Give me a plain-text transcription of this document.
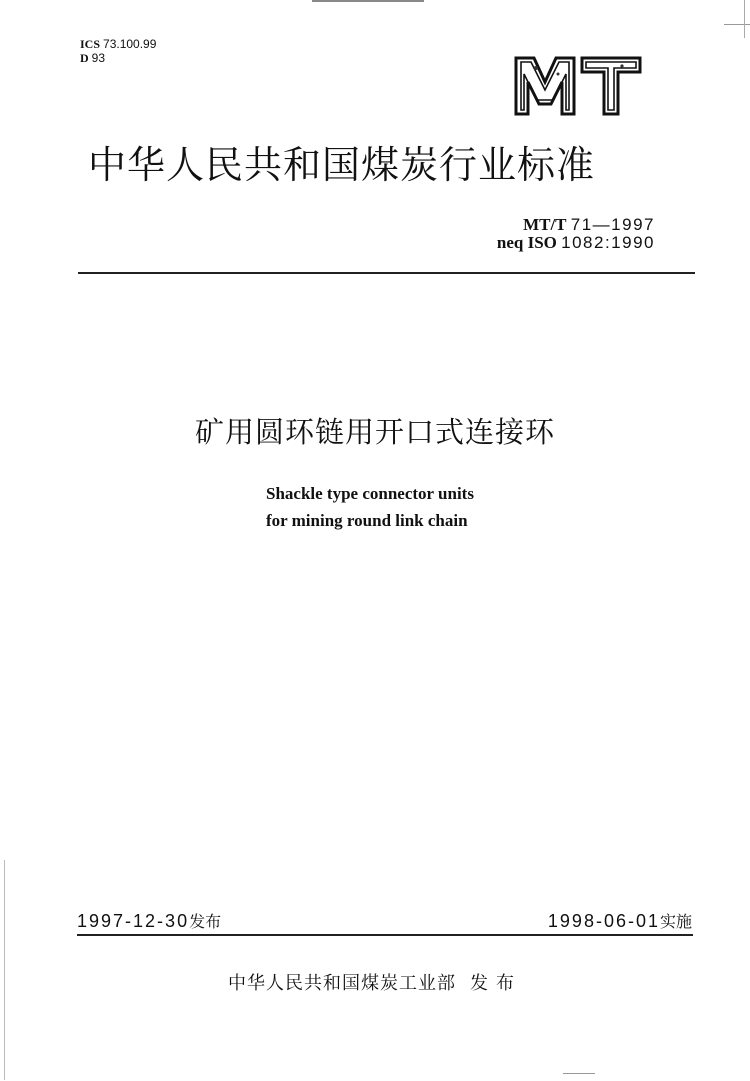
ICS 73.100.99
D 93
中华人民共和国煤炭行业标准
MT/T 71—1997
neq ISO 1082:1990
矿用圆环链用开口式连接环
Shackle type connector units
for mining round link chain
1997-12-30发布	1998-06-01实施
中华人民共和国煤炭工业部 发布
